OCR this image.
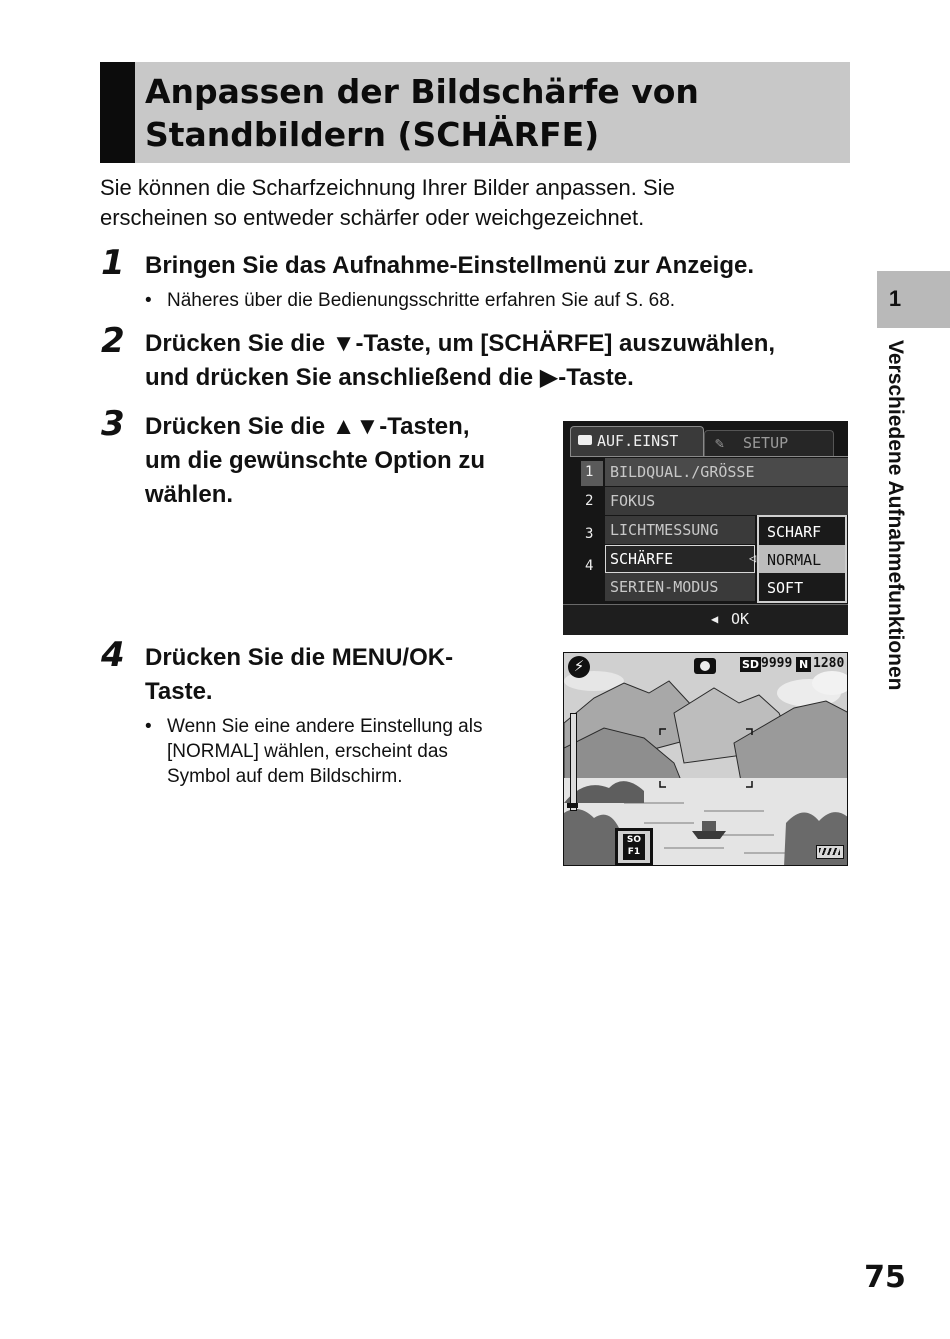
Anpassen der Bildschärfe von
Standbildern (SCHÄRFE)
Sie können die Scharfzeichnung Ihrer Bilder anpassen. Sie
erscheinen so entweder schärfer oder weichgezeichnet.
1 Bringen Sie das Aufnahme-Einstellmenü zur Anzeige.
• Näheres über die Bedienungsschritte erfahren Sie auf S. 68.
2 Drücken Sie die ▼-Taste, um [SCHÄRFE] auszuwählen,
und drücken Sie anschließend die ▶-Taste.
3 Drücken Sie die ▲▼-Tasten,
um die gewünschte Option zu
wählen.
4 Drücken Sie die MENU/OK-
Taste.
• Wenn Sie eine andere Einstellung als
[NORMAL] wählen, erscheint das
Symbol auf dem Bildschirm.
1
Verschiedene Aufnahmefunktionen
75
AUF.EINST ✎ SETUP
1
2
3
4
BILDQUAL./GRÖSSE
FOKUS
LICHTMESSUNG
SCHÄRFE
SERIEN-MODUS
SCHARF
NORMAL
SOFT
◁
◀ OK
⚡	SD 9999 N 1280
SO
F1
